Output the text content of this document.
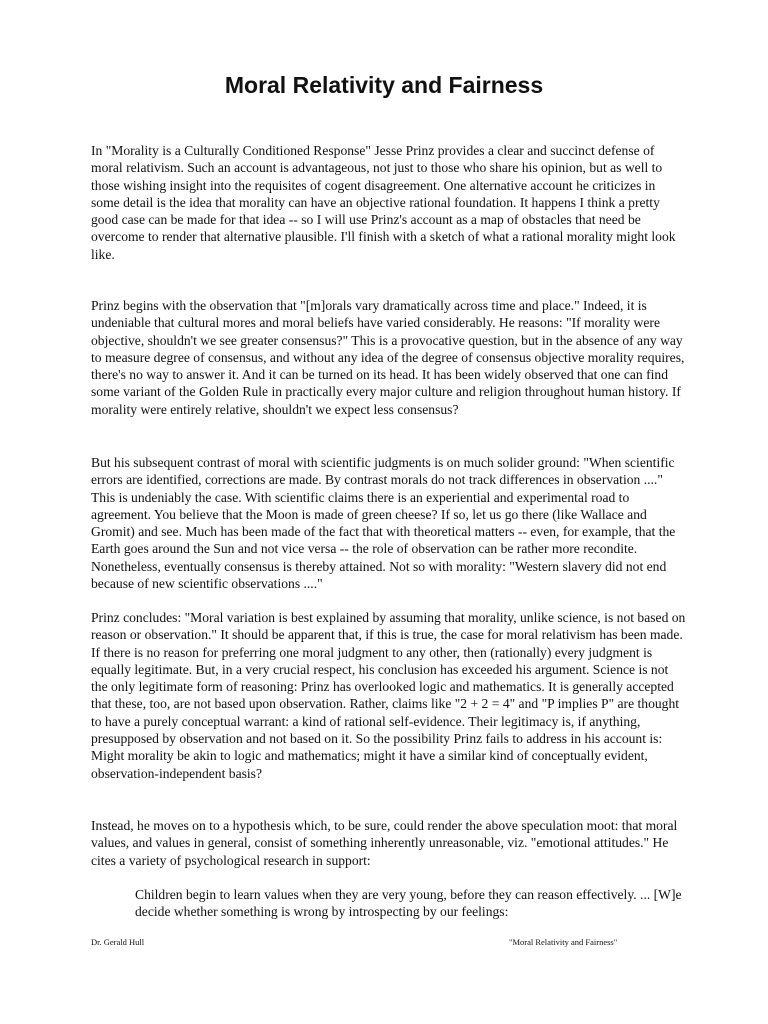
Moral Relativity and Fairness

In "Morality is a Culturally Conditioned Response" Jesse Prinz provides a clear and succinct defense of moral relativism. Such an account is advantageous, not just to those who share his opinion, but as well to those wishing insight into the requisites of cogent disagreement. One alternative account he criticizes in some detail is the idea that morality can have an objective rational foundation. It happens I think a pretty good case can be made for that idea -- so I will use Prinz's account as a map of obstacles that need be overcome to render that alternative plausible. I'll finish with a sketch of what a rational morality might look like.

Prinz begins with the observation that "[m]orals vary dramatically across time and place." Indeed, it is undeniable that cultural mores and moral beliefs have varied considerably. He reasons: "If morality were objective, shouldn't we see greater consensus?" This is a provocative question, but in the absence of any way to measure degree of consensus, and without any idea of the degree of consensus objective morality requires, there's no way to answer it. And it can be turned on its head. It has been widely observed that one can find some variant of the Golden Rule in practically every major culture and religion throughout human history. If morality were entirely relative, shouldn't we expect less consensus?

But his subsequent contrast of moral with scientific judgments is on much solider ground: "When scientific errors are identified, corrections are made. By contrast morals do not track differences in observation ...." This is undeniably the case. With scientific claims there is an experiential and experimental road to agreement. You believe that the Moon is made of green cheese? If so, let us go there (like Wallace and Gromit) and see. Much has been made of the fact that with theoretical matters -- even, for example, that the Earth goes around the Sun and not vice versa -- the role of observation can be rather more recondite. Nonetheless, eventually consensus is thereby attained. Not so with morality: "Western slavery did not end because of new scientific observations ...."

Prinz concludes: "Moral variation is best explained by assuming that morality, unlike science, is not based on reason or observation." It should be apparent that, if this is true, the case for moral relativism has been made. If there is no reason for preferring one moral judgment to any other, then (rationally) every judgment is equally legitimate. But, in a very crucial respect, his conclusion has exceeded his argument. Science is not the only legitimate form of reasoning: Prinz has overlooked logic and mathematics. It is generally accepted that these, too, are not based upon observation. Rather, claims like "2 + 2 = 4" and "P implies P" are thought to have a purely conceptual warrant: a kind of rational self-evidence. Their legitimacy is, if anything, presupposed by observation and not based on it. So the possibility Prinz fails to address in his account is: Might morality be akin to logic and mathematics; might it have a similar kind of conceptually evident, observation-independent basis?

Instead, he moves on to a hypothesis which, to be sure, could render the above speculation moot: that moral values, and values in general, consist of something inherently unreasonable, viz. "emotional attitudes." He cites a variety of psychological research in support:

Children begin to learn values when they are very young, before they can reason effectively. ... [W]e decide whether something is wrong by introspecting by our feelings:

Dr. Gerald Hull	"Moral Relativity and Fairness"
